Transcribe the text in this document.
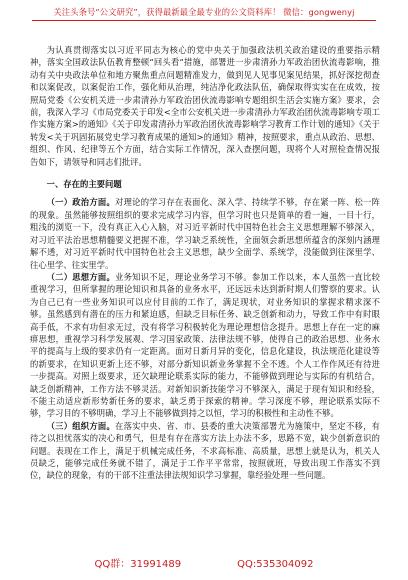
关注头条号“公文研究”，获得最新最全最专业的公文资料库！ 微信：gongwenyj

为认真贯彻落实以习近平同志为核心的党中央关于加强政法机关政治建设的重要指示精神，落实全国政法队伍教育整顿“回头看”措施，部署进一步肃清孙力军政治团伙流毒影响，推动有关中央政法单位和地方聚焦重点问题精准发力，做到见人见事见案见结果，抓好深挖彻查和以案促改，以案促治工作，强化师从治理，纯洁净化政法队伍，确保取得实实在在成效，按照局党委《公安机关进一步肃清孙力军政治团伙流毒影响专题组织生活会实施方案》要求，会前，我深入学习《市局党委关于印发<全市公安机关进一步肃清孙力军政治团伙流毒影响专项工作实施方案>的通知》《关于印发肃清孙力军政治团伙流毒影响学习教育工作计划的通知》《关于转发<关于巩固拓展党史学习教育成果的通知>的通知》精神，按照要求，重点从政治、思想、组织、作风、纪律等五个方面，结合实际工作情况，深入查摆问题，现将个人对照检查情况报告如下，请领导和同志们批评。

一、存在的主要问题

（一）政治方面。对理论的学习存在表面化、深入学、持续学不够，存在紧一阵、松一阵的现象。虽然能够按照组织的要求完成学习内容，但学习时也只是简单的看一遍，一目十行，粗浅的浏览一下，没有真正入心入脑，对习近平新时代中国特色社会主义思想理解不够深入，对习近平法治思想精髓要义把握不准，学习缺乏系统性，全面领会新思想所蕴含的深刻内涵理解不透，对习近平新时代中国特色社会主义思想，缺少全面学、系统学，没能做到往深里学、往心里学、往实里学。

（二）思想方面。业务知识不足，理论业务学习不够。参加工作以来，本人虽然一直比较重视学习，但所掌握的理论知识和具备的业务水平，还远远未达到新时期人们警察的要求。认为自己已有一些业务知识可以应付目前的工作了，满足现状，对业务知识的掌握求精求深不够。虽然感到有潜在的压力和紧迫感，但缺乏目标任务、缺乏创新和动力，导致工作中有时眼高手低，不求有功但求无过，没有将学习积极转化为理论理想信念提升。思想上存在一定的麻痹思想，重视学习科学发展观、学习国家政策、法律法规不够，使得自己的政治思想、业务水平的提高与上级的要求仍有一定距离。面对日新月异的变化，信息化建设，执法规范化建设等的新要求，在知识更新上还不够，对部分新知识新业务掌握不全不透。个人工作作风还有待进一步提高。对照上级要求，还欠缺理论联系实际的能力，不能够做到理论与实际的有机结合，缺乏创新精神，工作方法不够灵活。对新知识新技能学习不够深入，满足于现有知识和经验，不能主动适应新形势新任务的要求，缺乏勇于探索的精神。学习深度不够，理论联系实际不够，学习目的不够明确，学习上不能够做到持之以恒，学习的积极性和主动性不够。

（三）组织方面。在落实中央、省、市、县委的重大决策部署尤为施策中，坚定不移，有待之以担忧落实的决心和勇气，但是有存在落实方法上办法不多，思路不宽，缺少创新意识的问题。表现在工作上，满足于机械完成任务，不求高标准、高质量，思想上就是认为，机关人员缺乏，能够完成任务就不错了，满足于工作平平常常，按照就班，导致出现工作落实不到位，缺位的现象，有的干部不注重法律法规知识学习掌握，靠经验处理一些问题。

QQ群：31991489	QQ:535304092
